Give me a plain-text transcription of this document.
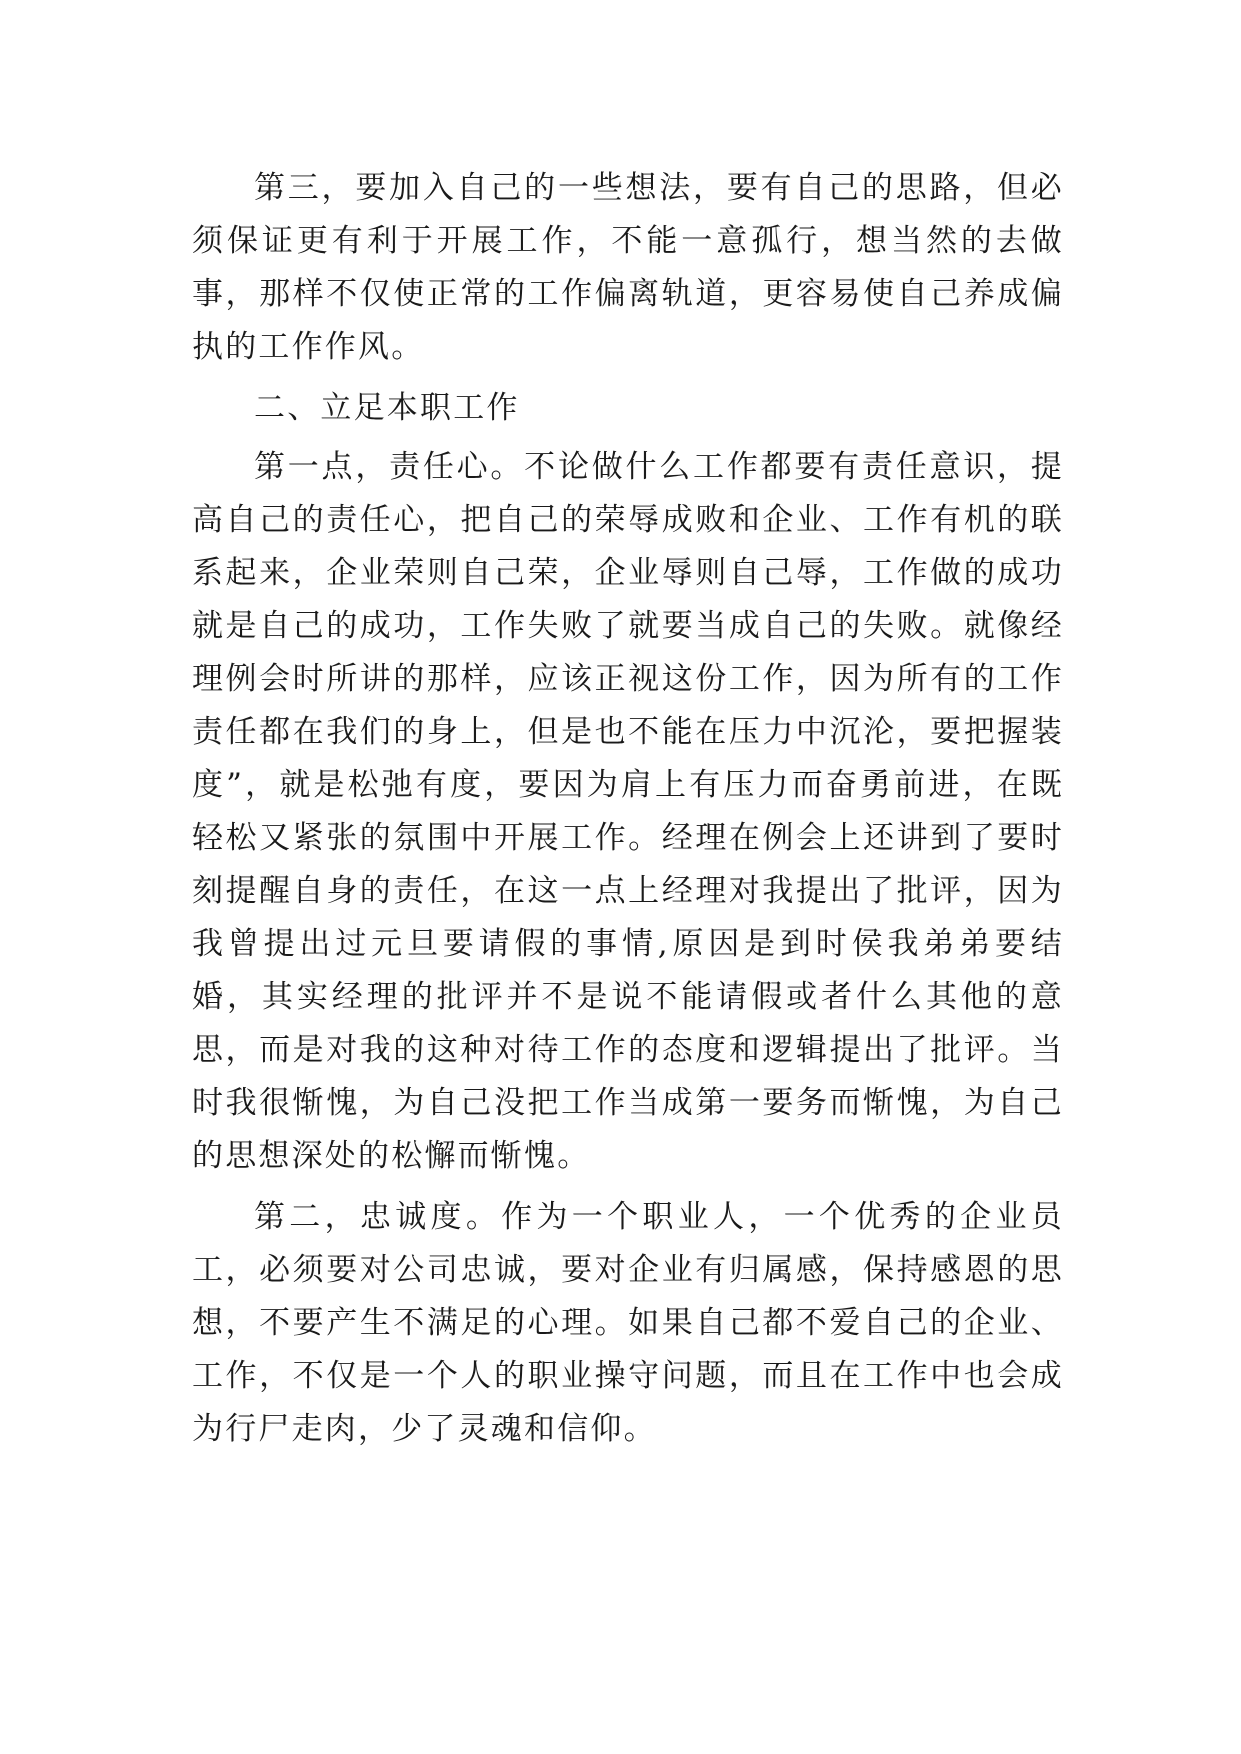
第三，要加入自己的一些想法，要有自己的思路，但必须保证更有利于开展工作，不能一意孤行，想当然的去做事，那样不仅使正常的工作偏离轨道，更容易使自己养成偏执的工作作风。

二、立足本职工作

第一点，责任心。不论做什么工作都要有责任意识，提高自己的责任心，把自己的荣辱成败和企业、工作有机的联系起来，企业荣则自己荣，企业辱则自己辱，工作做的成功就是自己的成功，工作失败了就要当成自己的失败。就像经理例会时所讲的那样，应该正视这份工作，因为所有的工作责任都在我们的身上，但是也不能在压力中沉沦，要把握装度”，就是松弛有度，要因为肩上有压力而奋勇前进，在既轻松又紧张的氛围中开展工作。经理在例会上还讲到了要时刻提醒自身的责任，在这一点上经理对我提出了批评，因为我曾提出过元旦要请假的事情,原因是到时侯我弟弟要结婚，其实经理的批评并不是说不能请假或者什么其他的意思，而是对我的这种对待工作的态度和逻辑提出了批评。当时我很惭愧，为自己没把工作当成第一要务而惭愧，为自己的思想深处的松懈而惭愧。

第二，忠诚度。作为一个职业人，一个优秀的企业员工，必须要对公司忠诚，要对企业有归属感，保持感恩的思想，不要产生不满足的心理。如果自己都不爱自己的企业、工作，不仅是一个人的职业操守问题，而且在工作中也会成为行尸走肉，少了灵魂和信仰。
